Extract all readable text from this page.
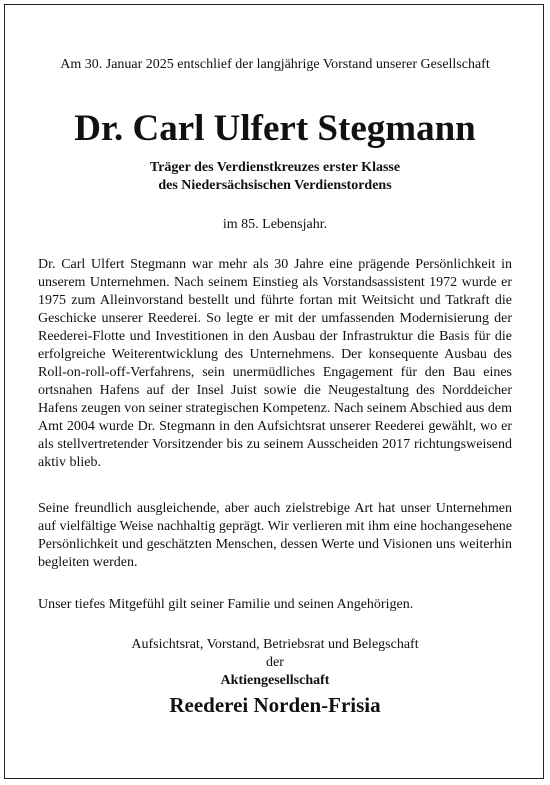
Am 30. Januar 2025 entschlief der langjährige Vorstand unserer Gesellschaft
Dr. Carl Ulfert Stegmann
Träger des Verdienstkreuzes erster Klasse
des Niedersächsischen Verdienstordens
im 85. Lebensjahr.

Dr. Carl Ulfert Stegmann war mehr als 30 Jahre eine prägende Persönlichkeit in unserem Unternehmen. Nach seinem Einstieg als Vorstandsassistent 1972 wurde er 1975 zum Alleinvorstand bestellt und führte fortan mit Weitsicht und Tatkraft die Geschicke unserer Reederei. So legte er mit der umfassenden Modernisierung der Reederei-Flotte und Investitionen in den Ausbau der Infrastruktur die Basis für die erfolgreiche Weiterentwicklung des Unternehmens. Der konsequente Ausbau des Roll-on-roll-off-Verfahrens, sein unermüdliches Engagement für den Bau eines ortsnahen Hafens auf der Insel Juist sowie die Neugestaltung des Norddeicher Hafens zeugen von seiner strategischen Kompetenz. Nach seinem Abschied aus dem Amt 2004 wurde Dr. Stegmann in den Aufsichtsrat unserer Reederei gewählt, wo er als stellvertretender Vorsitzender bis zu seinem Ausscheiden 2017 richtungsweisend aktiv blieb.

Seine freundlich ausgleichende, aber auch zielstrebige Art hat unser Unternehmen auf vielfältige Weise nachhaltig geprägt. Wir verlieren mit ihm eine hochangesehene Persönlichkeit und geschätzten Menschen, dessen Werte und Visionen uns weiterhin begleiten werden.

Unser tiefes Mitgefühl gilt seiner Familie und seinen Angehörigen.

Aufsichtsrat, Vorstand, Betriebsrat und Belegschaft
der
Aktiengesellschaft
Reederei Norden-Frisia
